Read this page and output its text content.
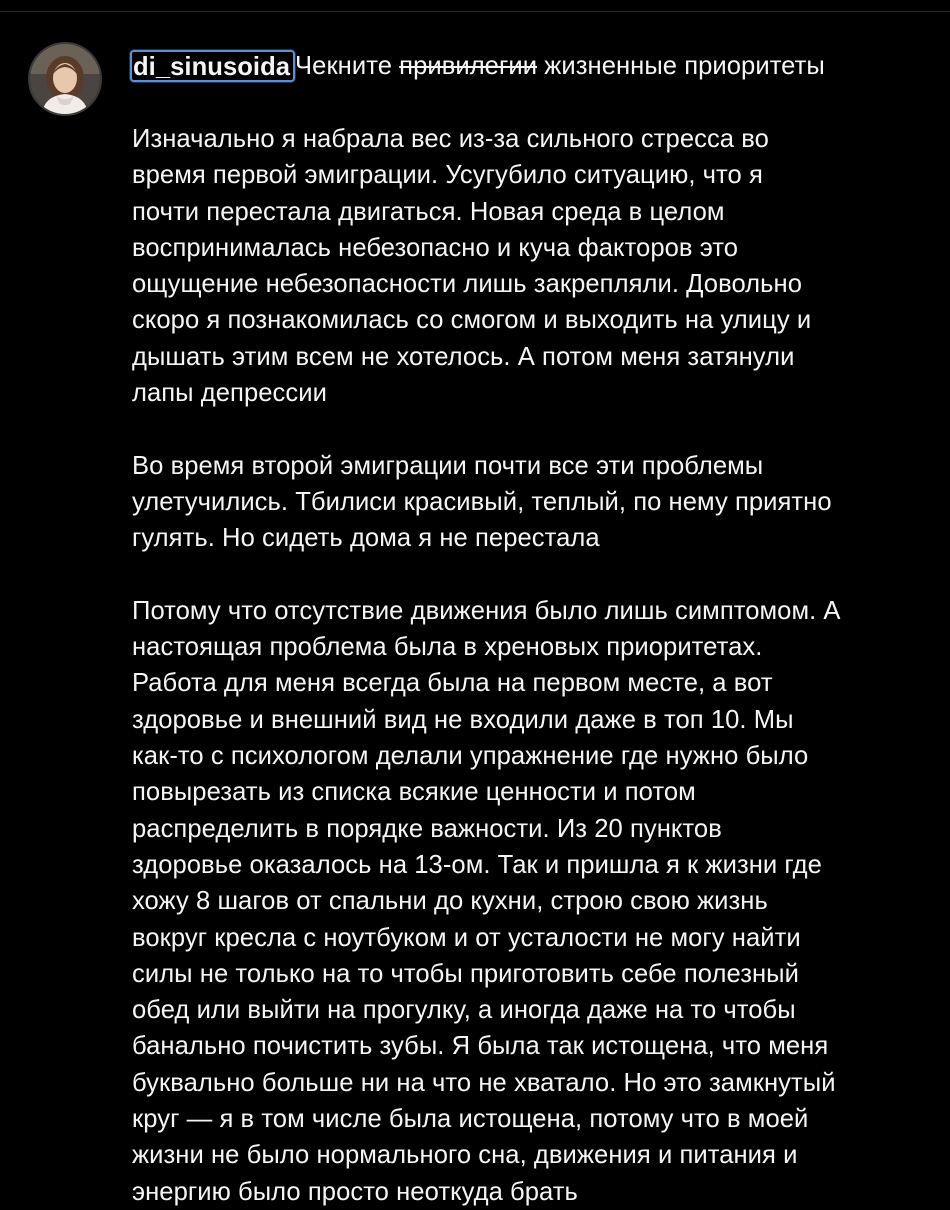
di_sinusoida Чекните привилегии жизненные приоритеты
Изначально я набрала вес из-за сильного стресса во
время первой эмиграции. Усугубило ситуацию, что я
почти перестала двигаться. Новая среда в целом
воспринималась небезопасно и куча факторов это
ощущение небезопасности лишь закрепляли. Довольно
скоро я познакомилась со смогом и выходить на улицу и
дышать этим всем не хотелось. А потом меня затянули
лапы депрессии
Во время второй эмиграции почти все эти проблемы
улетучились. Тбилиси красивый, теплый, по нему приятно
гулять. Но сидеть дома я не перестала
Потому что отсутствие движения было лишь симптомом. А
настоящая проблема была в хреновых приоритетах.
Работа для меня всегда была на первом месте, а вот
здоровье и внешний вид не входили даже в топ 10. Мы
как-то с психологом делали упражнение где нужно было
повырезать из списка всякие ценности и потом
распределить в порядке важности. Из 20 пунктов
здоровье оказалось на 13-ом. Так и пришла я к жизни где
хожу 8 шагов от спальни до кухни, строю свою жизнь
вокруг кресла с ноутбуком и от усталости не могу найти
силы не только на то чтобы приготовить себе полезный
обед или выйти на прогулку, а иногда даже на то чтобы
банально почистить зубы. Я была так истощена, что меня
буквально больше ни на что не хватало. Но это замкнутый
круг — я в том числе была истощена, потому что в моей
жизни не было нормального сна, движения и питания и
энергию было просто неоткуда брать
